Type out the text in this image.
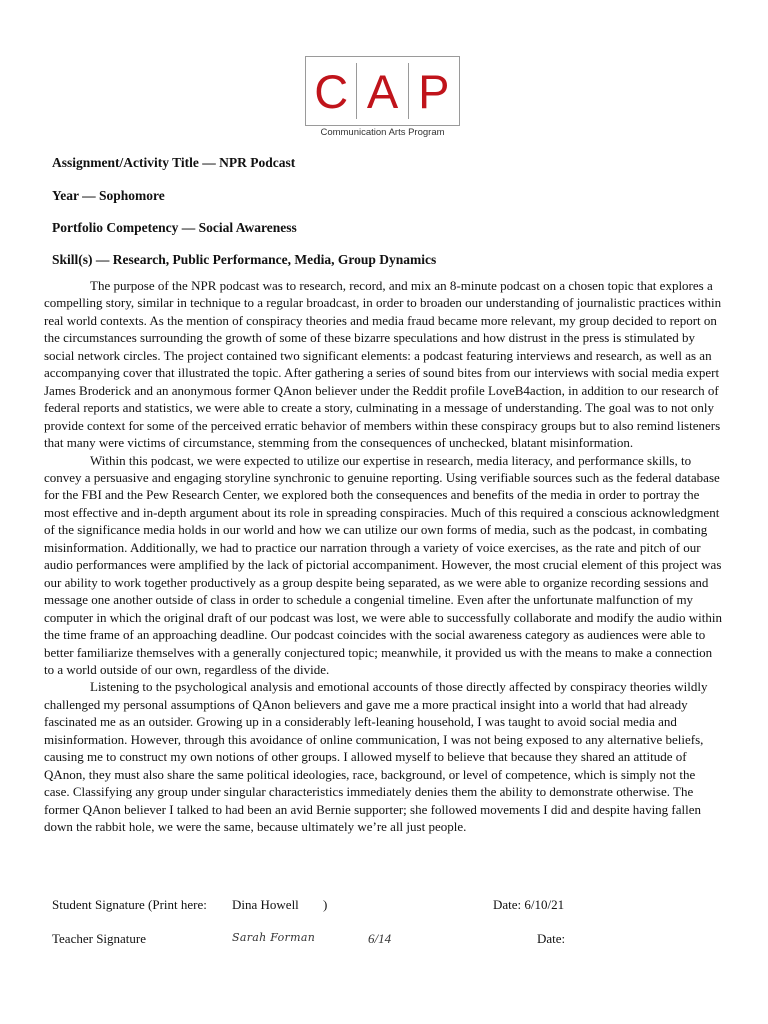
C A P
Communication Arts Program
Assignment/Activity Title — NPR Podcast
Year — Sophomore
Portfolio Competency — Social Awareness
Skill(s) — Research, Public Performance, Media, Group Dynamics

The purpose of the NPR podcast was to research, record, and mix an 8-minute podcast on a chosen topic that explores a compelling story, similar in technique to a regular broadcast, in order to broaden our understanding of journalistic practices within real world contexts. As the mention of conspiracy theories and media fraud became more relevant, my group decided to report on the circumstances surrounding the growth of some of these bizarre speculations and how distrust in the press is stimulated by social network circles. The project contained two significant elements: a podcast featuring interviews and research, as well as an accompanying cover that illustrated the topic. After gathering a series of sound bites from our interviews with social media expert James Broderick and an anonymous former QAnon believer under the Reddit profile LoveB4action, in addition to our research of federal reports and statistics, we were able to create a story, culminating in a message of understanding. The goal was to not only provide context for some of the perceived erratic behavior of members within these conspiracy groups but to also remind listeners that many were victims of circumstance, stemming from the consequences of unchecked, blatant misinformation.

Within this podcast, we were expected to utilize our expertise in research, media literacy, and performance skills, to convey a persuasive and engaging storyline synchronic to genuine reporting. Using verifiable sources such as the federal database for the FBI and the Pew Research Center, we explored both the consequences and benefits of the media in order to portray the most effective and in-depth argument about its role in spreading conspiracies. Much of this required a conscious acknowledgment of the significance media holds in our world and how we can utilize our own forms of media, such as the podcast, in combating misinformation. Additionally, we had to practice our narration through a variety of voice exercises, as the rate and pitch of our audio performances were amplified by the lack of pictorial accompaniment. However, the most crucial element of this project was our ability to work together productively as a group despite being separated, as we were able to organize recording sessions and message one another outside of class in order to schedule a congenial timeline. Even after the unfortunate malfunction of my computer in which the original draft of our podcast was lost, we were able to successfully collaborate and modify the audio within the time frame of an approaching deadline. Our podcast coincides with the social awareness category as audiences were able to better familiarize themselves with a generally conjectured topic; meanwhile, it provided us with the means to make a connection to a world outside of our own, regardless of the divide.

Listening to the psychological analysis and emotional accounts of those directly affected by conspiracy theories wildly challenged my personal assumptions of QAnon believers and gave me a more practical insight into a world that had already fascinated me as an outsider. Growing up in a considerably left-leaning household, I was taught to avoid social media and misinformation. However, through this avoidance of online communication, I was not being exposed to any alternative beliefs, causing me to construct my own notions of other groups. I allowed myself to believe that because they shared an attitude of QAnon, they must also share the same political ideologies, race, background, or level of competence, which is simply not the case. Classifying any group under singular characteristics immediately denies them the ability to demonstrate otherwise. The former QAnon believer I talked to had been an avid Bernie supporter; she followed movements I did and despite having fallen down the rabbit hole, we were the same, because ultimately we’re all just people.

Student Signature (Print here: Dina Howell )	Date: 6/10/21
Teacher Signature	Sarah Forman	6/14	Date:
